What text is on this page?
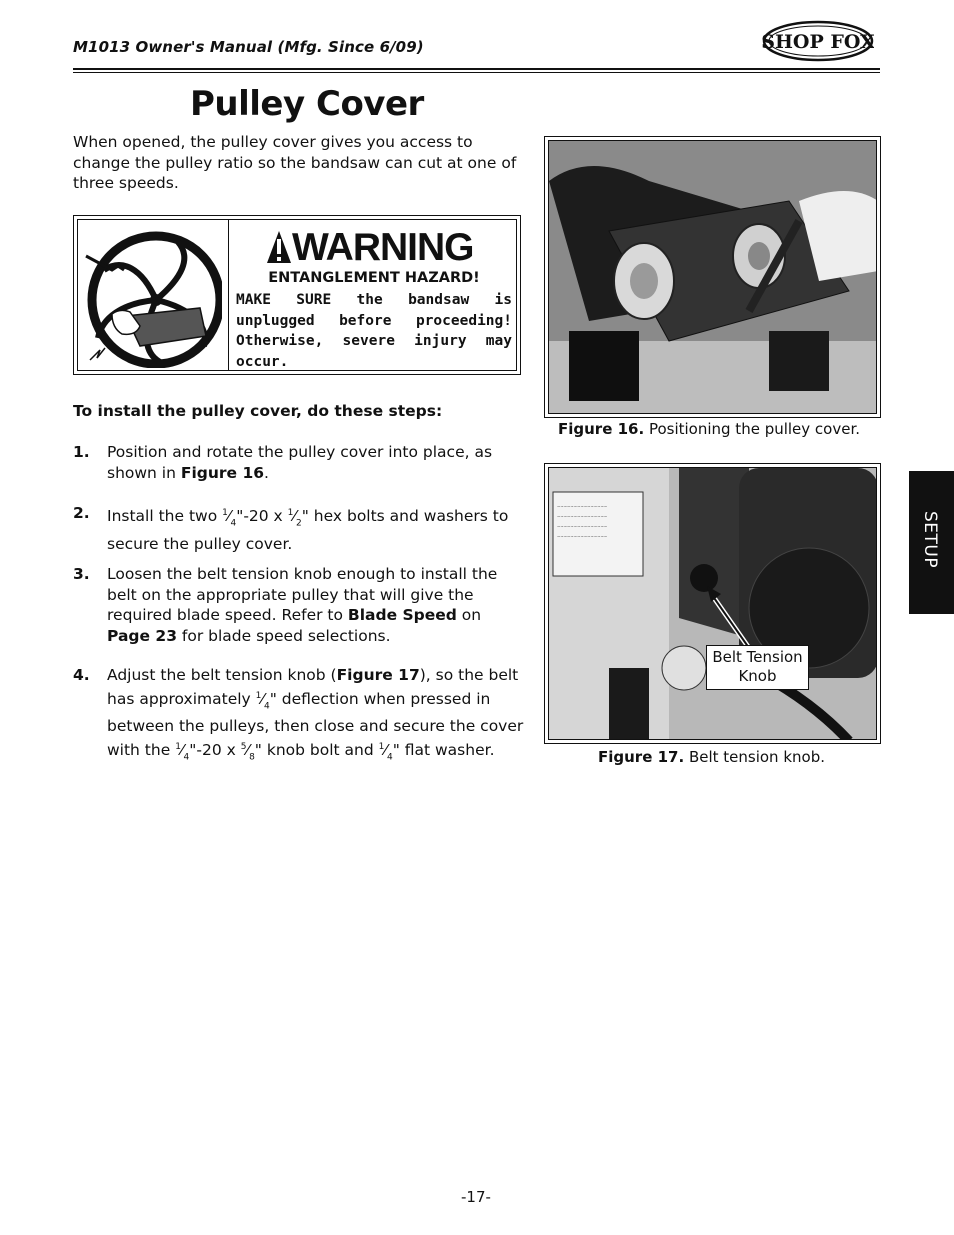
M1013 Owner's Manual (Mfg. Since 6/09)	SHOP FOX
Pulley Cover
When opened, the pulley cover gives you access to change the pulley ratio so the bandsaw can cut at one of three speeds.
WARNING
ENTANGLEMENT HAZARD!
MAKE SURE the bandsaw is unplugged before proceeding! Otherwise, severe injury may occur.
To install the pulley cover, do these steps:
1. Position and rotate the pulley cover into place, as shown in Figure 16.
2. Install the two $^1⁄_4"-20$ x $^1⁄_2$" hex bolts and washers to secure the pulley cover.
3. Loosen the belt tension knob enough to install the belt on the appropriate pulley that will give the required blade speed. Refer to Blade Speed on Page 23 for blade speed selections.
4. Adjust the belt tension knob (Figure 17), so the belt has approximately $^1⁄_4$" deflection when pressed in between the pulleys, then close and secure the cover with the $^1⁄_4"-20$ x $^5⁄_8$" knob bolt and $^1⁄_4$" flat washer.
Figure 16. Positioning the pulley cover.
~~~~~~~~~~~~~~~
~~~~~~~~~~~~~~~
~~~~~~~~~~~~~~~
~~~~~~~~~~~~~~~
Belt Tension
Knob
Figure 17. Belt tension knob.
SETUP
-17-
